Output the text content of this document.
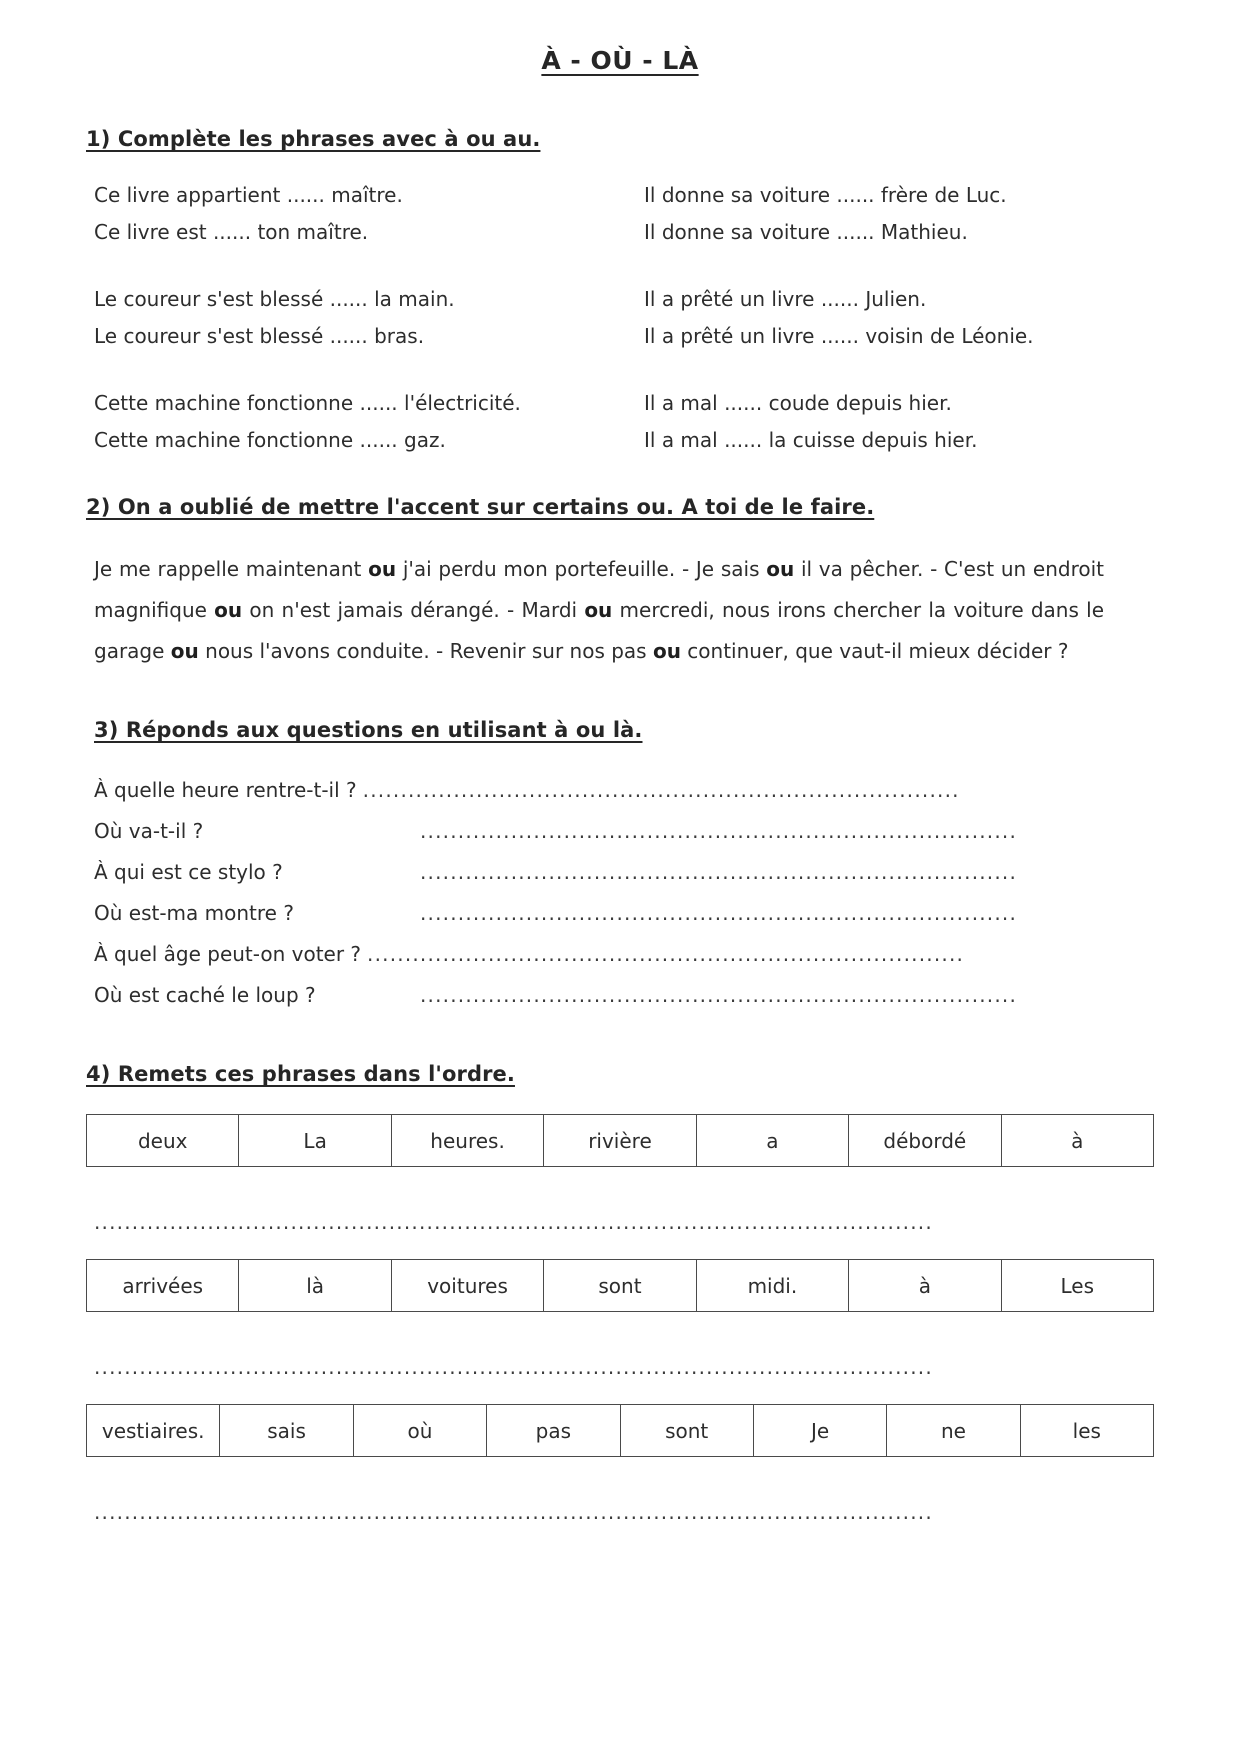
À - OÙ - LÀ
1) Complète les phrases avec à ou au.
Ce livre appartient ...... maître.
Ce livre est ...... ton maître.
Il donne sa voiture ...... frère de Luc.
Il donne sa voiture ...... Mathieu.
Le coureur s'est blessé ...... la main.
Le coureur s'est blessé ...... bras.
Il a prêté un livre ...... Julien.
Il a prêté un livre ...... voisin de Léonie.
Cette machine fonctionne ...... l'électricité.
Cette machine fonctionne ...... gaz.
Il a mal ...... coude depuis hier.
Il a mal ...... la cuisse depuis hier.
2) On a oublié de mettre l'accent sur certains ou. A toi de le faire.

Je me rappelle maintenant ou j'ai perdu mon portefeuille. - Je sais ou il va pêcher. - C'est un endroit magnifique ou on n'est jamais dérangé. - Mardi ou mercredi, nous irons chercher la voiture dans le garage ou nous l'avons conduite. - Revenir sur nos pas ou continuer, que vaut-il mieux décider ?

3) Réponds aux questions en utilisant à ou là.
À quelle heure rentre-t-il ? ...............................................................................
Où va-t-il ?	...............................................................................
À qui est ce stylo ?	...............................................................................
Où est-ma montre ?	...............................................................................
À quel âge peut-on voter ? ...............................................................................
Où est caché le loup ?	...............................................................................
4) Remets ces phrases dans l'ordre.
deux	La	heures.	rivière	a	débordé	à
...............................................................................................................
arrivées	là	voitures	sont	midi.	à	Les
...............................................................................................................
vestiaires.	sais	où	pas	sont	Je	ne	les
...............................................................................................................
